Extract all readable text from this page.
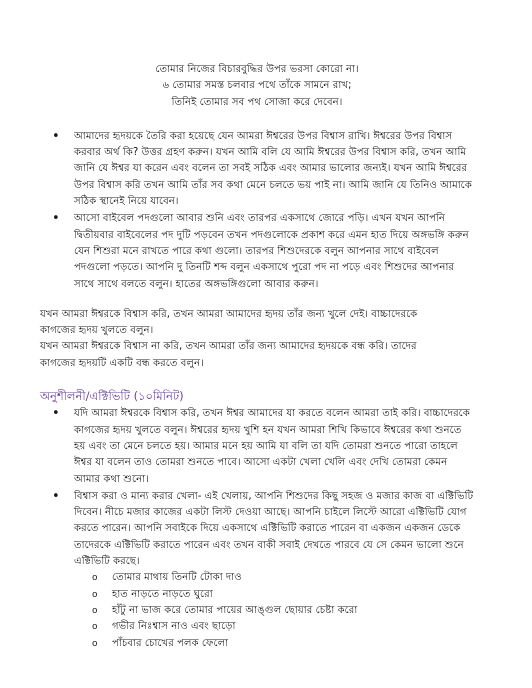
তোমার নিজের বিচারবুদ্ধির উপর ভরসা কোরো না।
৬ তোমার সমস্ত চলবার পথে তাঁকে সামনে রাখ;
তিনিই তোমার সব পথ সোজা করে দেবেন।
• আমাদের হৃদয়কে তৈরি করা হয়েছে যেন আমরা ঈশ্বরের উপর বিশ্বাস রাখি। ঈশ্বরের উপর বিশ্বাস করবার অর্থ কি? উত্তর গ্রহণ করুন। যখন আমি বলি যে আমি ঈশ্বরের উপর বিশ্বাস করি, তখন আমি জানি যে ঈশ্বর যা করেন এবং বলেন তা সবই সঠিক এবং আমার ভালোর জন্যই। যখন আমি ঈশ্বরের উপর বিশ্বাস করি তখন আমি তাঁর সব কথা মেনে চলতে ভয় পাই না। আমি জানি যে তিনিও আমাকে সঠিক স্থানেই নিয়ে যাবেন।
• আসো বাইবেল পদগুলো আবার শুনি এবং তারপর একসাথে জোরে পড়ি। এখন যখন আপনি দ্বিতীয়বার বাইবেলের পদ দুটি পড়বেন তখন পদগুলোকে প্রকাশ করে এমন হাত দিয়ে অঙ্গভঙ্গি করুন যেন শিশুরা মনে রাখতে পারে কথা গুলো। তারপর শিশুদেরকে বলুন আপনার সাথে বাইবেল পদগুলো পড়তে। আপনি দু তিনটি শব্দ বলুন একসাথে পুরো পদ না পড়ে এবং শিশুদের আপনার সাথে সাথে বলতে বলুন। হাতের অঙ্গভঙ্গিগুলো আবার করুন।
যখন আমরা ঈশ্বরকে বিশ্বাস করি, তখন আমরা আমাদের হৃদয় তাঁর জন্য খুলে দেই। বাচ্চাদেরকে
কাগজের হৃদয় খুলতে বলুন।
যখন আমরা ঈশ্বরকে বিশ্বাস না করি, তখন আমরা তাঁর জন্য আমাদের হৃদয়কে বন্ধ করি। তাদের
কাগজের হৃদয়টি একটি বন্ধ করতে বলুন।
অনুশীলনী/এক্টিভিটি (১০মিনিট)
• যদি আমরা ঈশ্বরকে বিশ্বাস করি, তখন ঈশ্বর আমাদের যা করতে বলেন আমরা তাই করি। বাচ্চাদেরকে কাগজের হৃদয় খুলতে বলুন। ঈশ্বরের হৃদয় খুশি হন যখন আমরা শিখি কিভাবে ঈশ্বরের কথা শুনতে হয় এবং তা মেনে চলতে হয়। আমার মনে হয় আমি যা বলি তা যদি তোমরা শুনতে পারো তাহলে ঈশ্বর যা বলেন তাও তোমরা শুনতে পাবে। আসো একটা খেলা খেলি এবং দেখি তোমরা কেমন আমার কথা শুনো।
• বিশ্বাস করা ও মান্য করার খেলা- এই খেলায়, আপনি শিশুদের কিছু সহজ ও মজার কাজ বা এক্টিভিটি দিবেন। নীচে মজার কাজের একটা লিস্ট দেওয়া আছে। আপনি চাইলে লিস্টে আরো এক্টিভিটি যোগ করতে পারেন। আপনি সবাইকে দিয়ে একসাথে এক্টিভিটি করাতে পারেন বা একজন একজন ডেকে তাদেরকে এক্টিভিটি করাতে পারেন এবং তখন বাকী সবাই দেখতে পারবে যে সে কেমন ভালো শুনে এক্টিভিটি করছে।
o তোমার মাথায় তিনটি টোকা দাও
o হাত নাড়তে নাড়তে ঘুরো
o হাঁটু না ভাজ করে তোমার পায়ের আঙ্গুল ছোয়ার চেষ্টা করো
o গভীর নিঃশ্বাস নাও এবং ছাড়ো
o পাঁচবার চোখের পলক ফেলো
